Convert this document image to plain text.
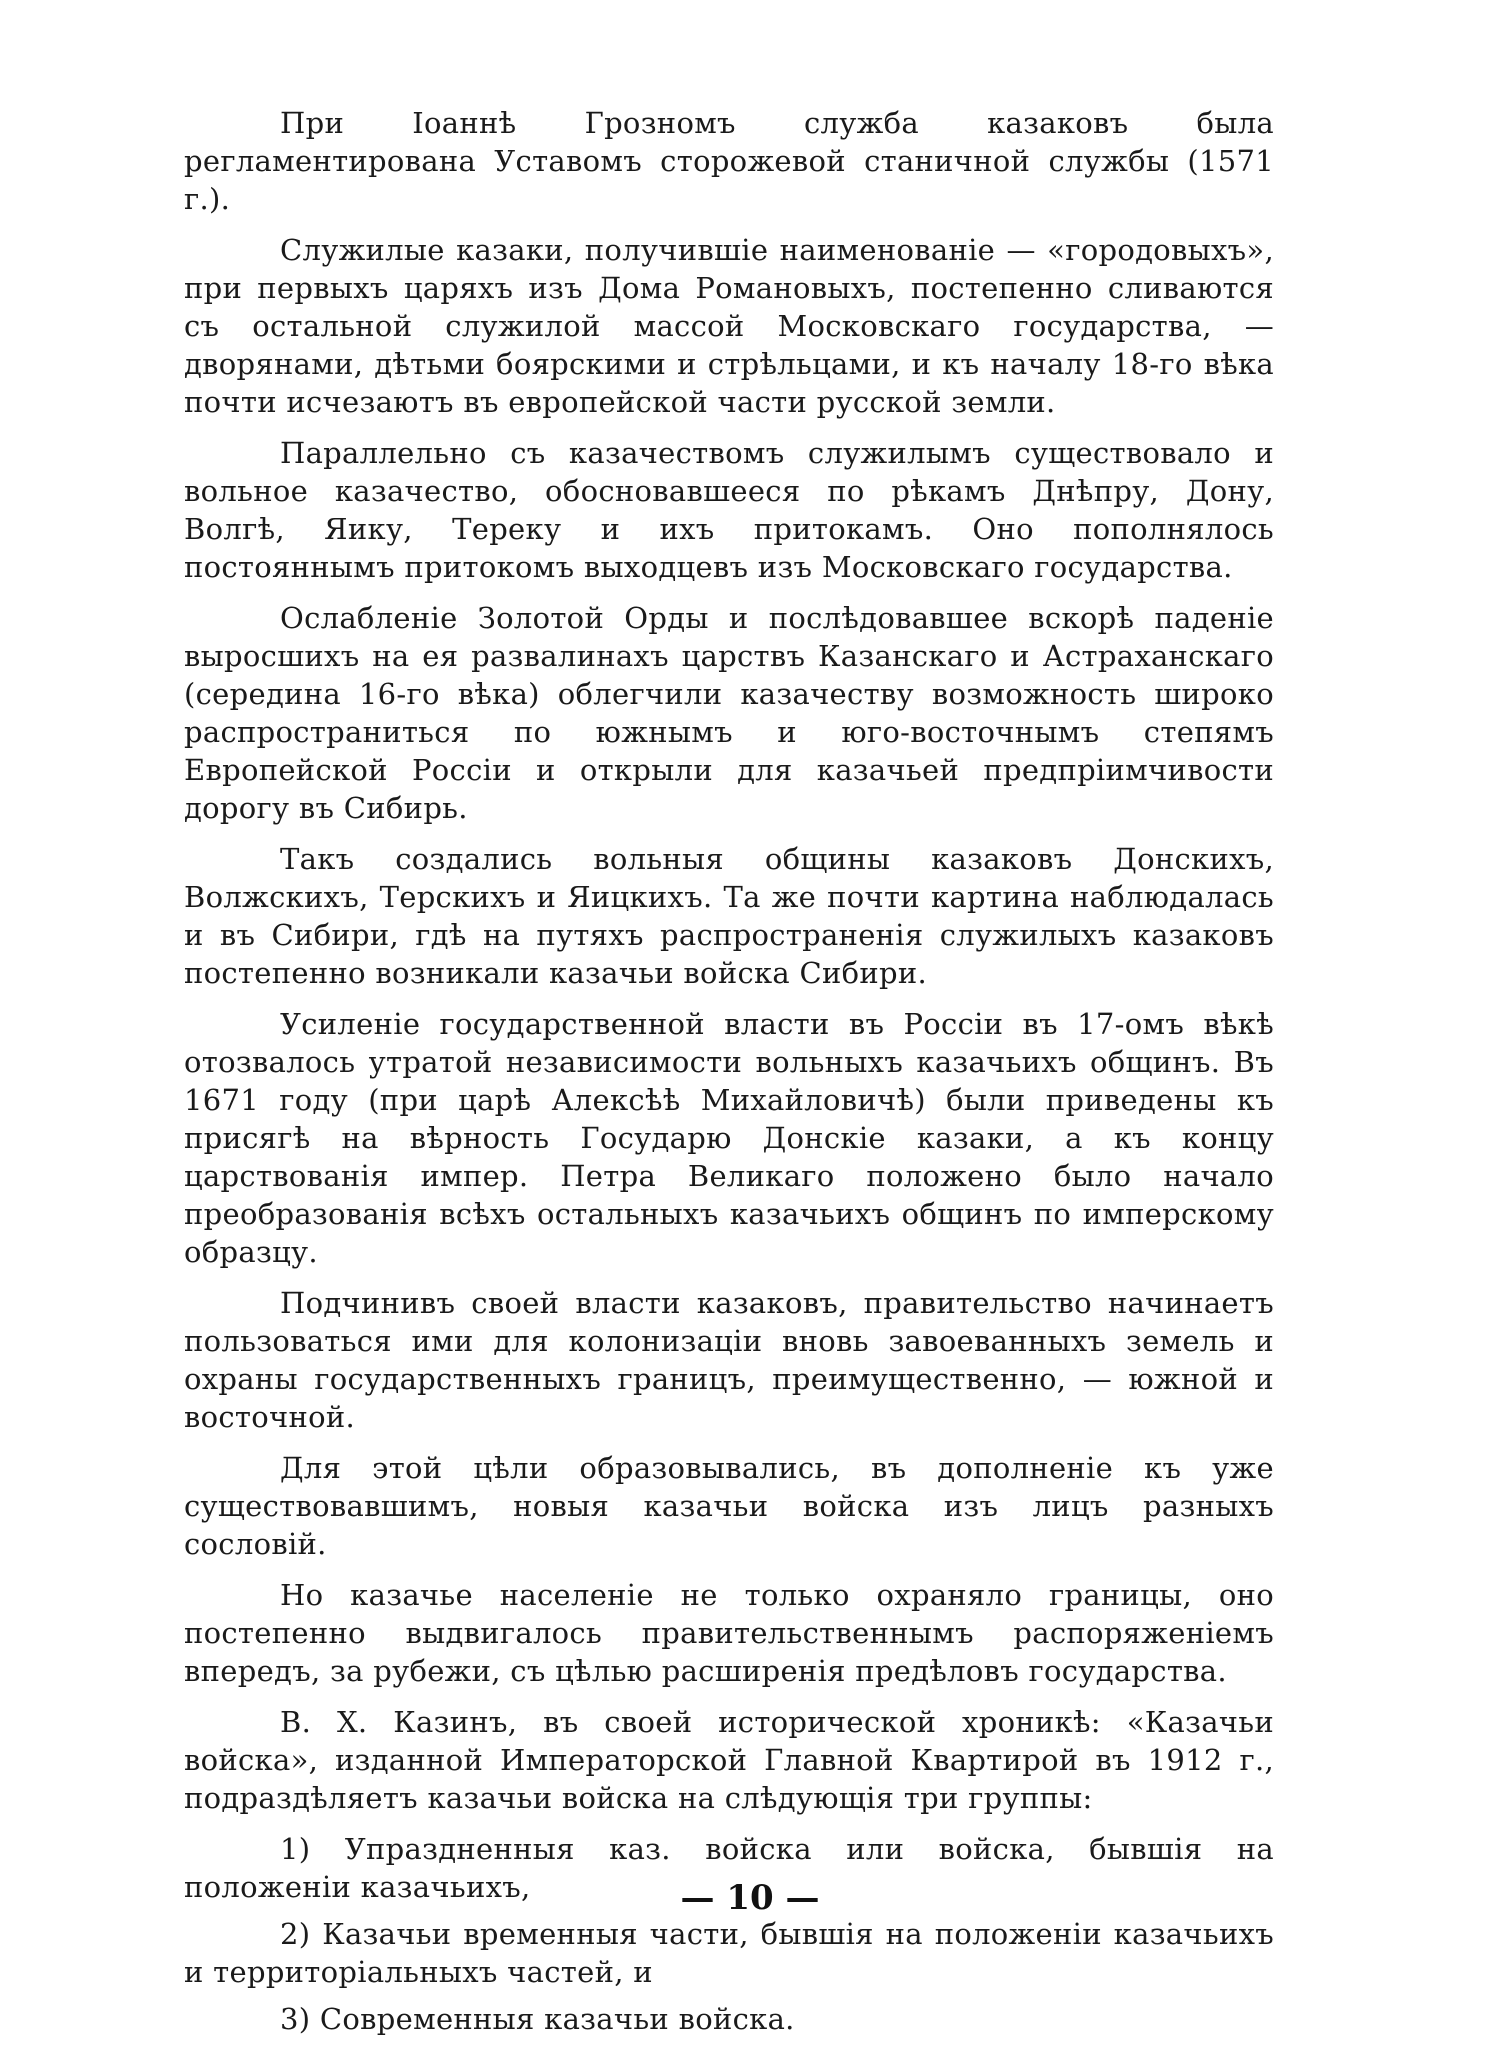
При Іоаннѣ Грозномъ служба казаковъ была регламентирована Уставомъ сторожевой станичной службы (1571 г.).

Служилые казаки, получившіе наименованіе — «городовыхъ», при первыхъ царяхъ изъ Дома Романовыхъ, постепенно сливаются съ остальной служилой массой Московскаго государства, — дворянами, дѣтьми боярскими и стрѣльцами, и къ началу 18-го вѣка почти исчезаютъ въ европейской части русской земли.

Параллельно съ казачествомъ служилымъ существовало и вольное казачество, обосновавшееся по рѣкамъ Днѣпру, Дону, Волгѣ, Яику, Тереку и ихъ притокамъ. Оно пополнялось постояннымъ притокомъ выходцевъ изъ Московскаго государства.

Ослабленіе Золотой Орды и послѣдовавшее вскорѣ паденіе выросшихъ на ея развалинахъ царствъ Казанскаго и Астраханскаго (середина 16-го вѣка) облегчили казачеству возможность широко распространиться по южнымъ и юго-восточнымъ степямъ Европейской Россіи и открыли для казачьей предпріимчивости дорогу въ Сибирь.

Такъ создались вольныя общины казаковъ Донскихъ, Волжскихъ, Терскихъ и Яицкихъ. Та же почти картина наблюдалась и въ Сибири, гдѣ на путяхъ распространенія служилыхъ казаковъ постепенно возникали казачьи войска Сибири.

Усиленіе государственной власти въ Россіи въ 17-омъ вѣкѣ отозвалось утратой независимости вольныхъ казачьихъ общинъ. Въ 1671 году (при царѣ Алексѣѣ Михайловичѣ) были приведены къ присягѣ на вѣрность Государю Донскіе казаки, а къ концу царствованія импер. Петра Великаго положено было начало преобразованія всѣхъ остальныхъ казачьихъ общинъ по имперскому образцу.

Подчинивъ своей власти казаковъ, правительство начинаетъ пользоваться ими для колонизаціи вновь завоеванныхъ земель и охраны государственныхъ границъ, преимущественно, — южной и восточной.

Для этой цѣли образовывались, въ дополненіе къ уже существовавшимъ, новыя казачьи войска изъ лицъ разныхъ сословій.

Но казачье населеніе не только охраняло границы, оно постепенно выдвигалось правительственнымъ распоряженіемъ впередъ, за рубежи, съ цѣлью расширенія предѣловъ государства.

В. Х. Казинъ, въ своей исторической хроникѣ: «Казачьи войска», изданной Императорской Главной Квартирой въ 1912 г., подраздѣляетъ казачьи войска на слѣдующія три группы:

1) Упраздненныя каз. войска или войска, бывшія на положеніи казачьихъ,

2) Казачьи временныя части, бывшія на положеніи казачьихъ и территоріальныхъ частей, и

3) Современныя казачьи войска.

— 10 —
